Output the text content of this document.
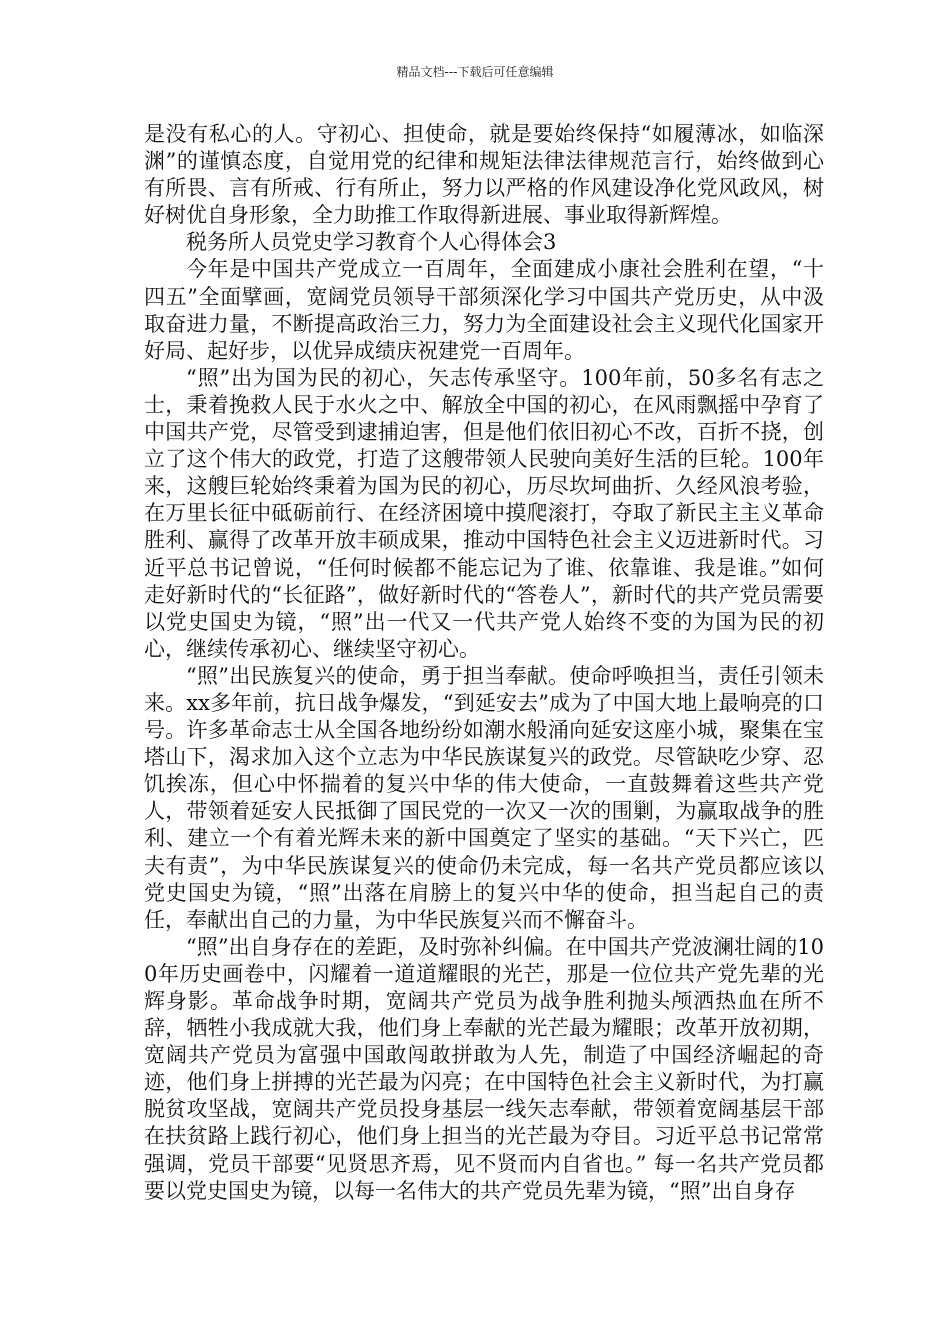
精品文档---下载后可任意编辑

是没有私心的人。守初心、担使命，就是要始终保持“如履薄冰，如临深渊”的谨慎态度，自觉用党的纪律和规矩法律法律规范言行，始终做到心有所畏、言有所戒、行有所止，努力以严格的作风建设净化党风政风，树好树优自身形象，全力助推工作取得新进展、事业取得新辉煌。

税务所人员党史学习教育个人心得体会3

今年是中国共产党成立一百周年，全面建成小康社会胜利在望，“十四五”全面擘画，宽阔党员领导干部须深化学习中国共产党历史，从中汲取奋进力量，不断提高政治三力，努力为全面建设社会主义现代化国家开好局、起好步，以优异成绩庆祝建党一百周年。

“照”出为国为民的初心，矢志传承坚守。100年前，50多名有志之士，秉着挽救人民于水火之中、解放全中国的初心，在风雨飘摇中孕育了中国共产党，尽管受到逮捕迫害，但是他们依旧初心不改，百折不挠，创立了这个伟大的政党，打造了这艘带领人民驶向美好生活的巨轮。100年来，这艘巨轮始终秉着为国为民的初心，历尽坎坷曲折、久经风浪考验，在万里长征中砥砺前行、在经济困境中摸爬滚打，夺取了新民主主义革命胜利、赢得了改革开放丰硕成果，推动中国特色社会主义迈进新时代。习近平总书记曾说，“任何时候都不能忘记为了谁、依靠谁、我是谁。”如何走好新时代的“长征路”，做好新时代的“答卷人”，新时代的共产党员需要以党史国史为镜，“照”出一代又一代共产党人始终不变的为国为民的初心，继续传承初心、继续坚守初心。

“照”出民族复兴的使命，勇于担当奉献。使命呼唤担当，责任引领未来。xx多年前，抗日战争爆发，“到延安去”成为了中国大地上最响亮的口号。许多革命志士从全国各地纷纷如潮水般涌向延安这座小城，聚集在宝塔山下，渴求加入这个立志为中华民族谋复兴的政党。尽管缺吃少穿、忍饥挨冻，但心中怀揣着的复兴中华的伟大使命，一直鼓舞着这些共产党人，带领着延安人民抵御了国民党的一次又一次的围剿，为赢取战争的胜利、建立一个有着光辉未来的新中国奠定了坚实的基础。“天下兴亡，匹夫有责”，为中华民族谋复兴的使命仍未完成，每一名共产党员都应该以党史国史为镜，“照”出落在肩膀上的复兴中华的使命，担当起自己的责任，奉献出自己的力量，为中华民族复兴而不懈奋斗。

“照”出自身存在的差距，及时弥补纠偏。在中国共产党波澜壮阔的100年历史画卷中，闪耀着一道道耀眼的光芒，那是一位位共产党先辈的光辉身影。革命战争时期，宽阔共产党员为战争胜利抛头颅洒热血在所不辞，牺牲小我成就大我，他们身上奉献的光芒最为耀眼；改革开放初期，宽阔共产党员为富强中国敢闯敢拼敢为人先，制造了中国经济崛起的奇迹，他们身上拼搏的光芒最为闪亮；在中国特色社会主义新时代，为打赢脱贫攻坚战，宽阔共产党员投身基层一线矢志奉献，带领着宽阔基层干部在扶贫路上践行初心，他们身上担当的光芒最为夺目。习近平总书记常常强调，党员干部要“见贤思齐焉，见不贤而内自省也。” 每一名共产党员都要以党史国史为镜，以每一名伟大的共产党员先辈为镜，“照”出自身存
